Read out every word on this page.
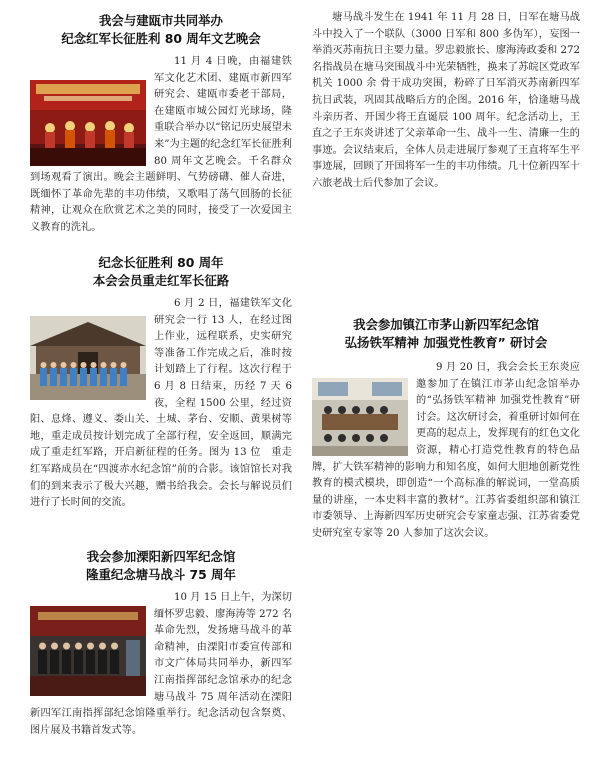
我会与建瓯市共同举办
纪念红军长征胜利 80 周年文艺晚会

11 月 4 日晚，由福建铁军文化艺术团、建瓯市新四军研究会、建瓯市委老干部局，在建瓯市城公园灯光球场，隆重联合举办以“铭记历史展望未来”为主题的纪念红军长征胜利 80 周年文艺晚会。千名群众到场观看了演出。晚会主题鲜明、气势磅礴、催人奋进，既缅怀了革命先辈的丰功伟绩，又歌唱了荡气回肠的长征精神，让观众在欣赏艺术之美的同时，接受了一次爱国主义教育的洗礼。

纪念长征胜利 80 周年
本会会员重走红军长征路

6 月 2 日，福建铁军文化研究会一行 13 人，在经过图上作业，远程联系，史实研究等准备工作完成之后，准时按计划踏上了行程。这次行程于 6 月 8 日结束，历经 7 天 6 夜，全程 1500 公里，经过资阳、息烽、遵义、娄山关、土城、茅台、安顺、黄果树等地，重走成员按计划完成了全部行程，安全返回，顺满完成了重走红军路，开启新征程的任务。图为 13 位　重走红军路成员在“四渡赤水纪念馆”前的合影。该馆馆长对我们的到来表示了极大兴趣，赠书给我会。会长与解说员们进行了长时间的交流。

我会参加溧阳新四军纪念馆
隆重纪念塘马战斗 75 周年

10 月 15 日上午，为深切缅怀罗忠毅、廖海涛等 272 名革命先烈，发扬塘马战斗的革命精神，由溧阳市委宣传部和市文广体局共同举办，新四军江南指挥部纪念馆承办的纪念塘马战斗 75 周年活动在溧阳新四军江南指挥部纪念馆隆重举行。纪念活动包含祭奠、图片展及书籍首发式等。
塘马战斗发生在 1941 年 11 月 28 日，日军在塘马战斗中投入了一个联队（3000 日军和 800 多伪军），妄图一举消灭苏南抗日主要力量。罗忠毅旅长、廖海涛政委和 272 名指战员在塘马突围战斗中光荣牺牲，换来了苏皖区党政军机关 1000 余 骨干成功突围，粉碎了日军消灭苏南新四军抗日武装，巩固其战略后方的企图。2016 年，恰逢塘马战斗亲历者、开国少将王直诞辰 100 周年。纪念活动上，王直之子王东炎讲述了父亲革命一生、战斗一生、清廉一生的事迹。会议结束后，全体人员走进展厅参观了王直将军生平事迹展，回顾了开国将军一生的丰功伟绩。几十位新四军十六旅老战士后代参加了会议。

我会参加镇江市茅山新四军纪念馆
弘扬铁军精神 加强党性教育” 研讨会

9 月 20 日，我会会长王东炎应邀参加了在镇江市茅山纪念馆举办的“弘扬铁军精神 加强党性教育”研讨会。这次研讨会，着重研讨如何在更高的起点上，发挥现有的红色文化资源，精心打造党性教育的特色品牌，扩大铁军精神的影响力和知名度，如何大胆地创新党性教育的模式模块，即创造“一个高标准的解说词，一堂高质量的讲座，一本史料丰富的教材”。江苏省委组织部和镇江市委领导、上海新四军历史研究会专家童志强、江苏省委党史研究室专家等 20 人参加了这次会议。
